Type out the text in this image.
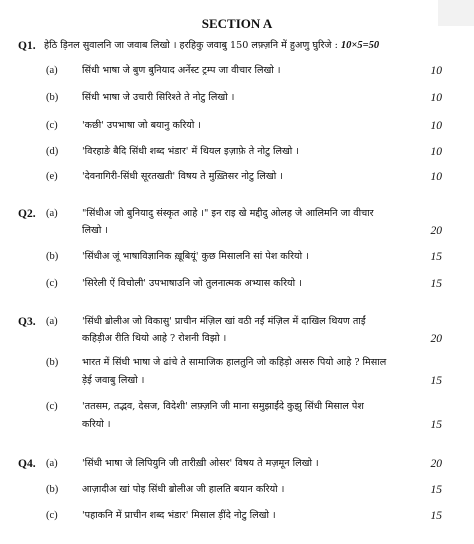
SECTION A
Q1. हेठि ड़िनल सुवालनि जा जवाब लिखो । हरहिकु जवाबु 150 लफ़्ज़नि में हुअणु घुरिजे : 10×5=50
(a)	सिंधी भाषा जे बुण बुनियाद अर्नेस्ट ट्रम्प जा वीचार लिखो ।	10
(b) सिंधी भाषा जे उचारी सिरिश्ते ते नोटु लिखो ।	10
(c)	'कछी' उपभाषा जो बयानु करियो ।	10
(d) 'विरहाङे बैदि सिंधी शब्द भंडार' में थियल इज़ाफ़े ते नोटु लिखो ।	10
(e)	'देवनागिरी-सिंधी सूरतखती' विषय ते मुख़्तिसर नोटु लिखो ।	10
Q2. (a)	"सिंधीअ जो बुनियादु संस्कृत आहे ।" इन राइ खे मद्दीदु ओलह जे आलिमनि जा वीचार
लिखो ।	20
(b) 'सिंधीअ जूं भाषाविज्ञानिक ख़ूबियूं' कुछ मिसालनि सां पेश करियो ।	15
(c)	'सिरेली ऐं विचोली' उपभाषाउनि जो तुलनात्मक अभ्यास करियो ।	15
Q3. (a)	'सिंधी ॿोलीअ जो विकासु' प्राचीन मंज़िल खां वठी नईं मंज़िल में दाखिल थियण ताईं
कहिड़ीअ रीति थियो आहे ? रोशनी विझो ।	20
(b) भारत में सिंधी भाषा जे ढांचे ते सामाजिक हालतुनि जो कहिड़ो असरु पियो आहे ? मिसाल
ड़ेई जवाबु लिखो ।	15
(c)	'ततसम, तद्भव, देसज, विदेशी' लफ़्ज़नि जी माना समुझाईंदे कुझु सिंधी मिसाल पेश
करियो ।	15
Q4. (a)	'सिंधी भाषा जे लिपियुनि जी तारीख़ी ओसर' विषय ते मज़मून लिखो ।	20
(b) आज़ादीअ खां पोइ सिंधी ॿोलीअ जी हालति बयान करियो ।	15
(c)	'पहाकनि में प्राचीन शब्द भंडार' मिसाल ड़ींदे नोटु लिखो ।	15
